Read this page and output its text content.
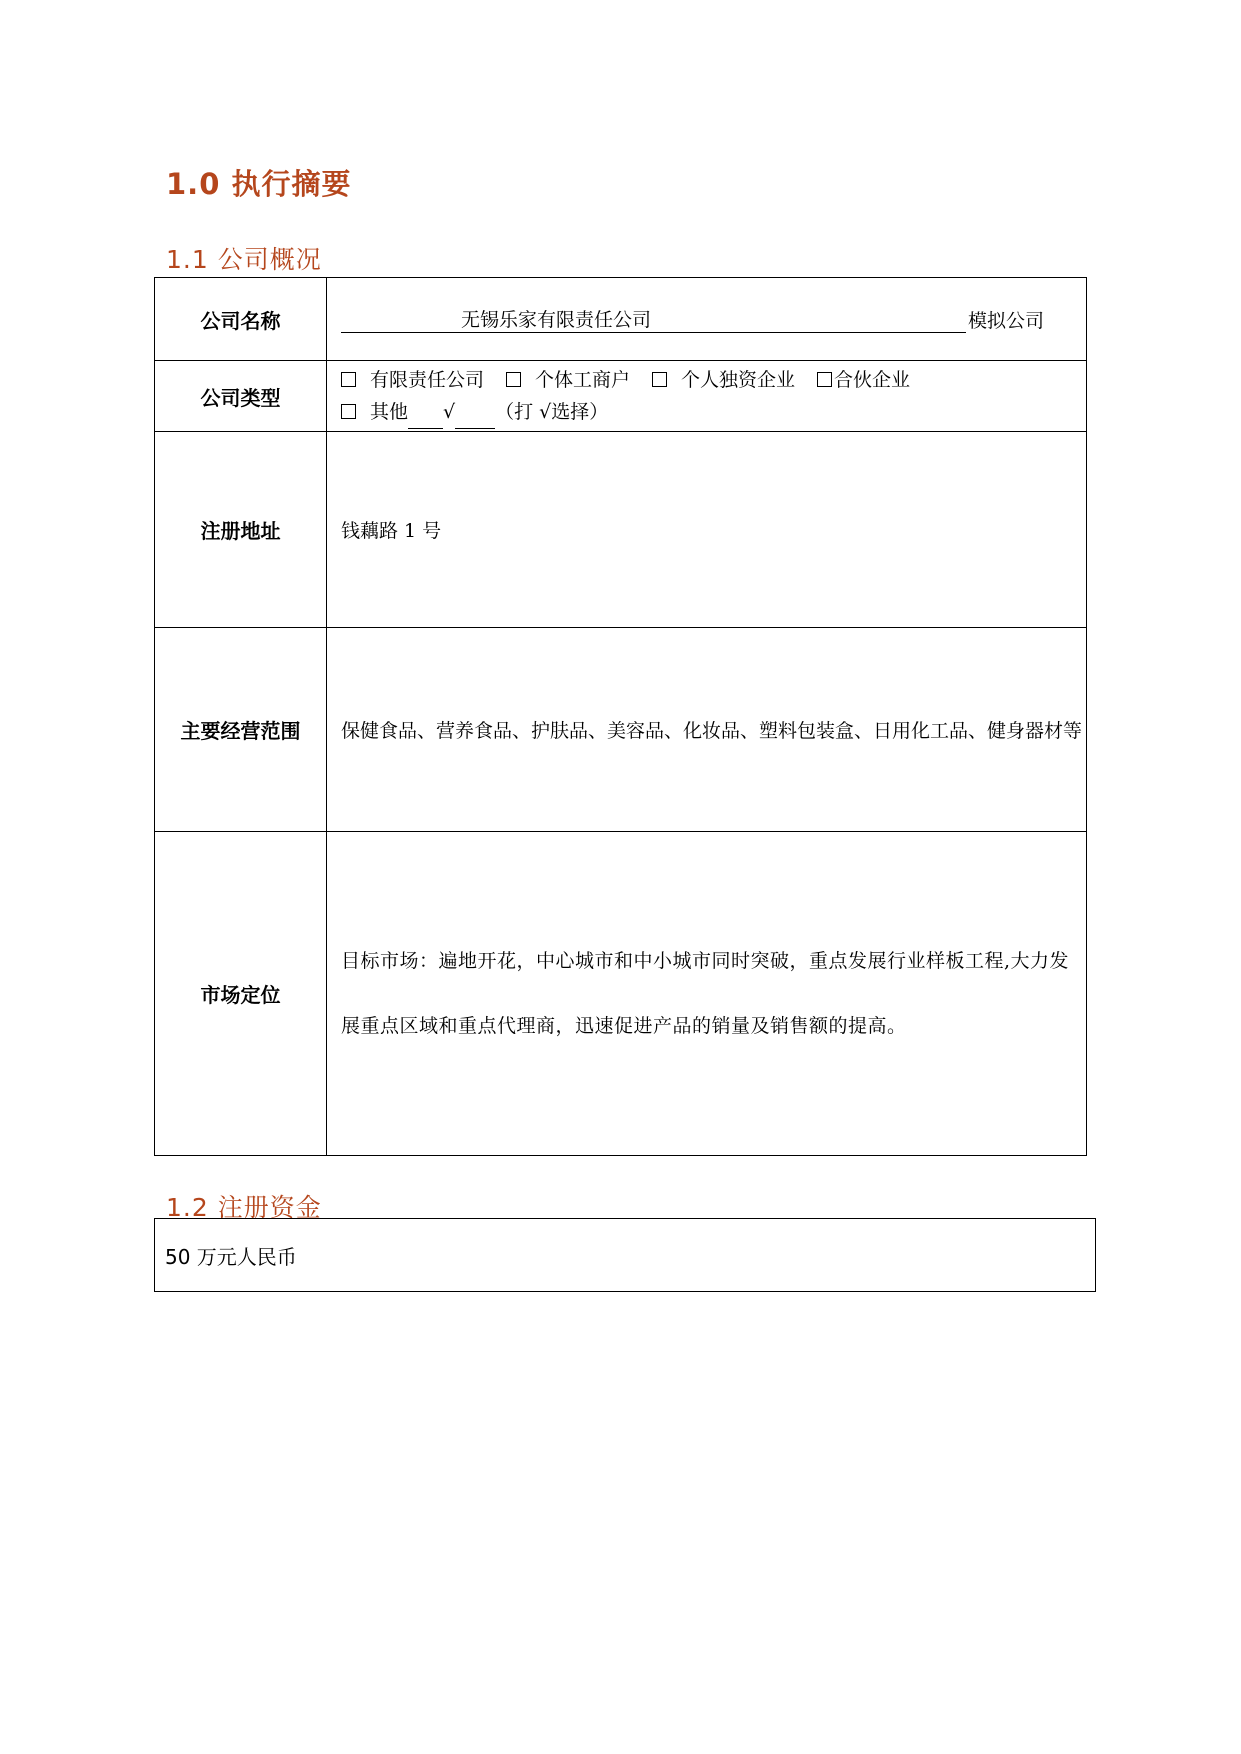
1.0 执行摘要
1.1 公司概况
公司名称	无锡乐家有限责任公司 模拟公司

公司类型	有限责任公司 个体工商户 个人独资企业 合伙企业
其他 √ （打 √选择）

注册地址	钱藕路 1 号
主要经营范围	保健食品、营养食品、护肤品、美容品、化妆品、塑料包装盒、日用化工品、健身器材等
市场定位	目标市场：遍地开花，中心城市和中小城市同时突破，重点发展行业样板工程,大力发展重点区域和重点代理商，迅速促进产品的销量及销售额的提高。
1.2 注册资金
50 万元人民币
